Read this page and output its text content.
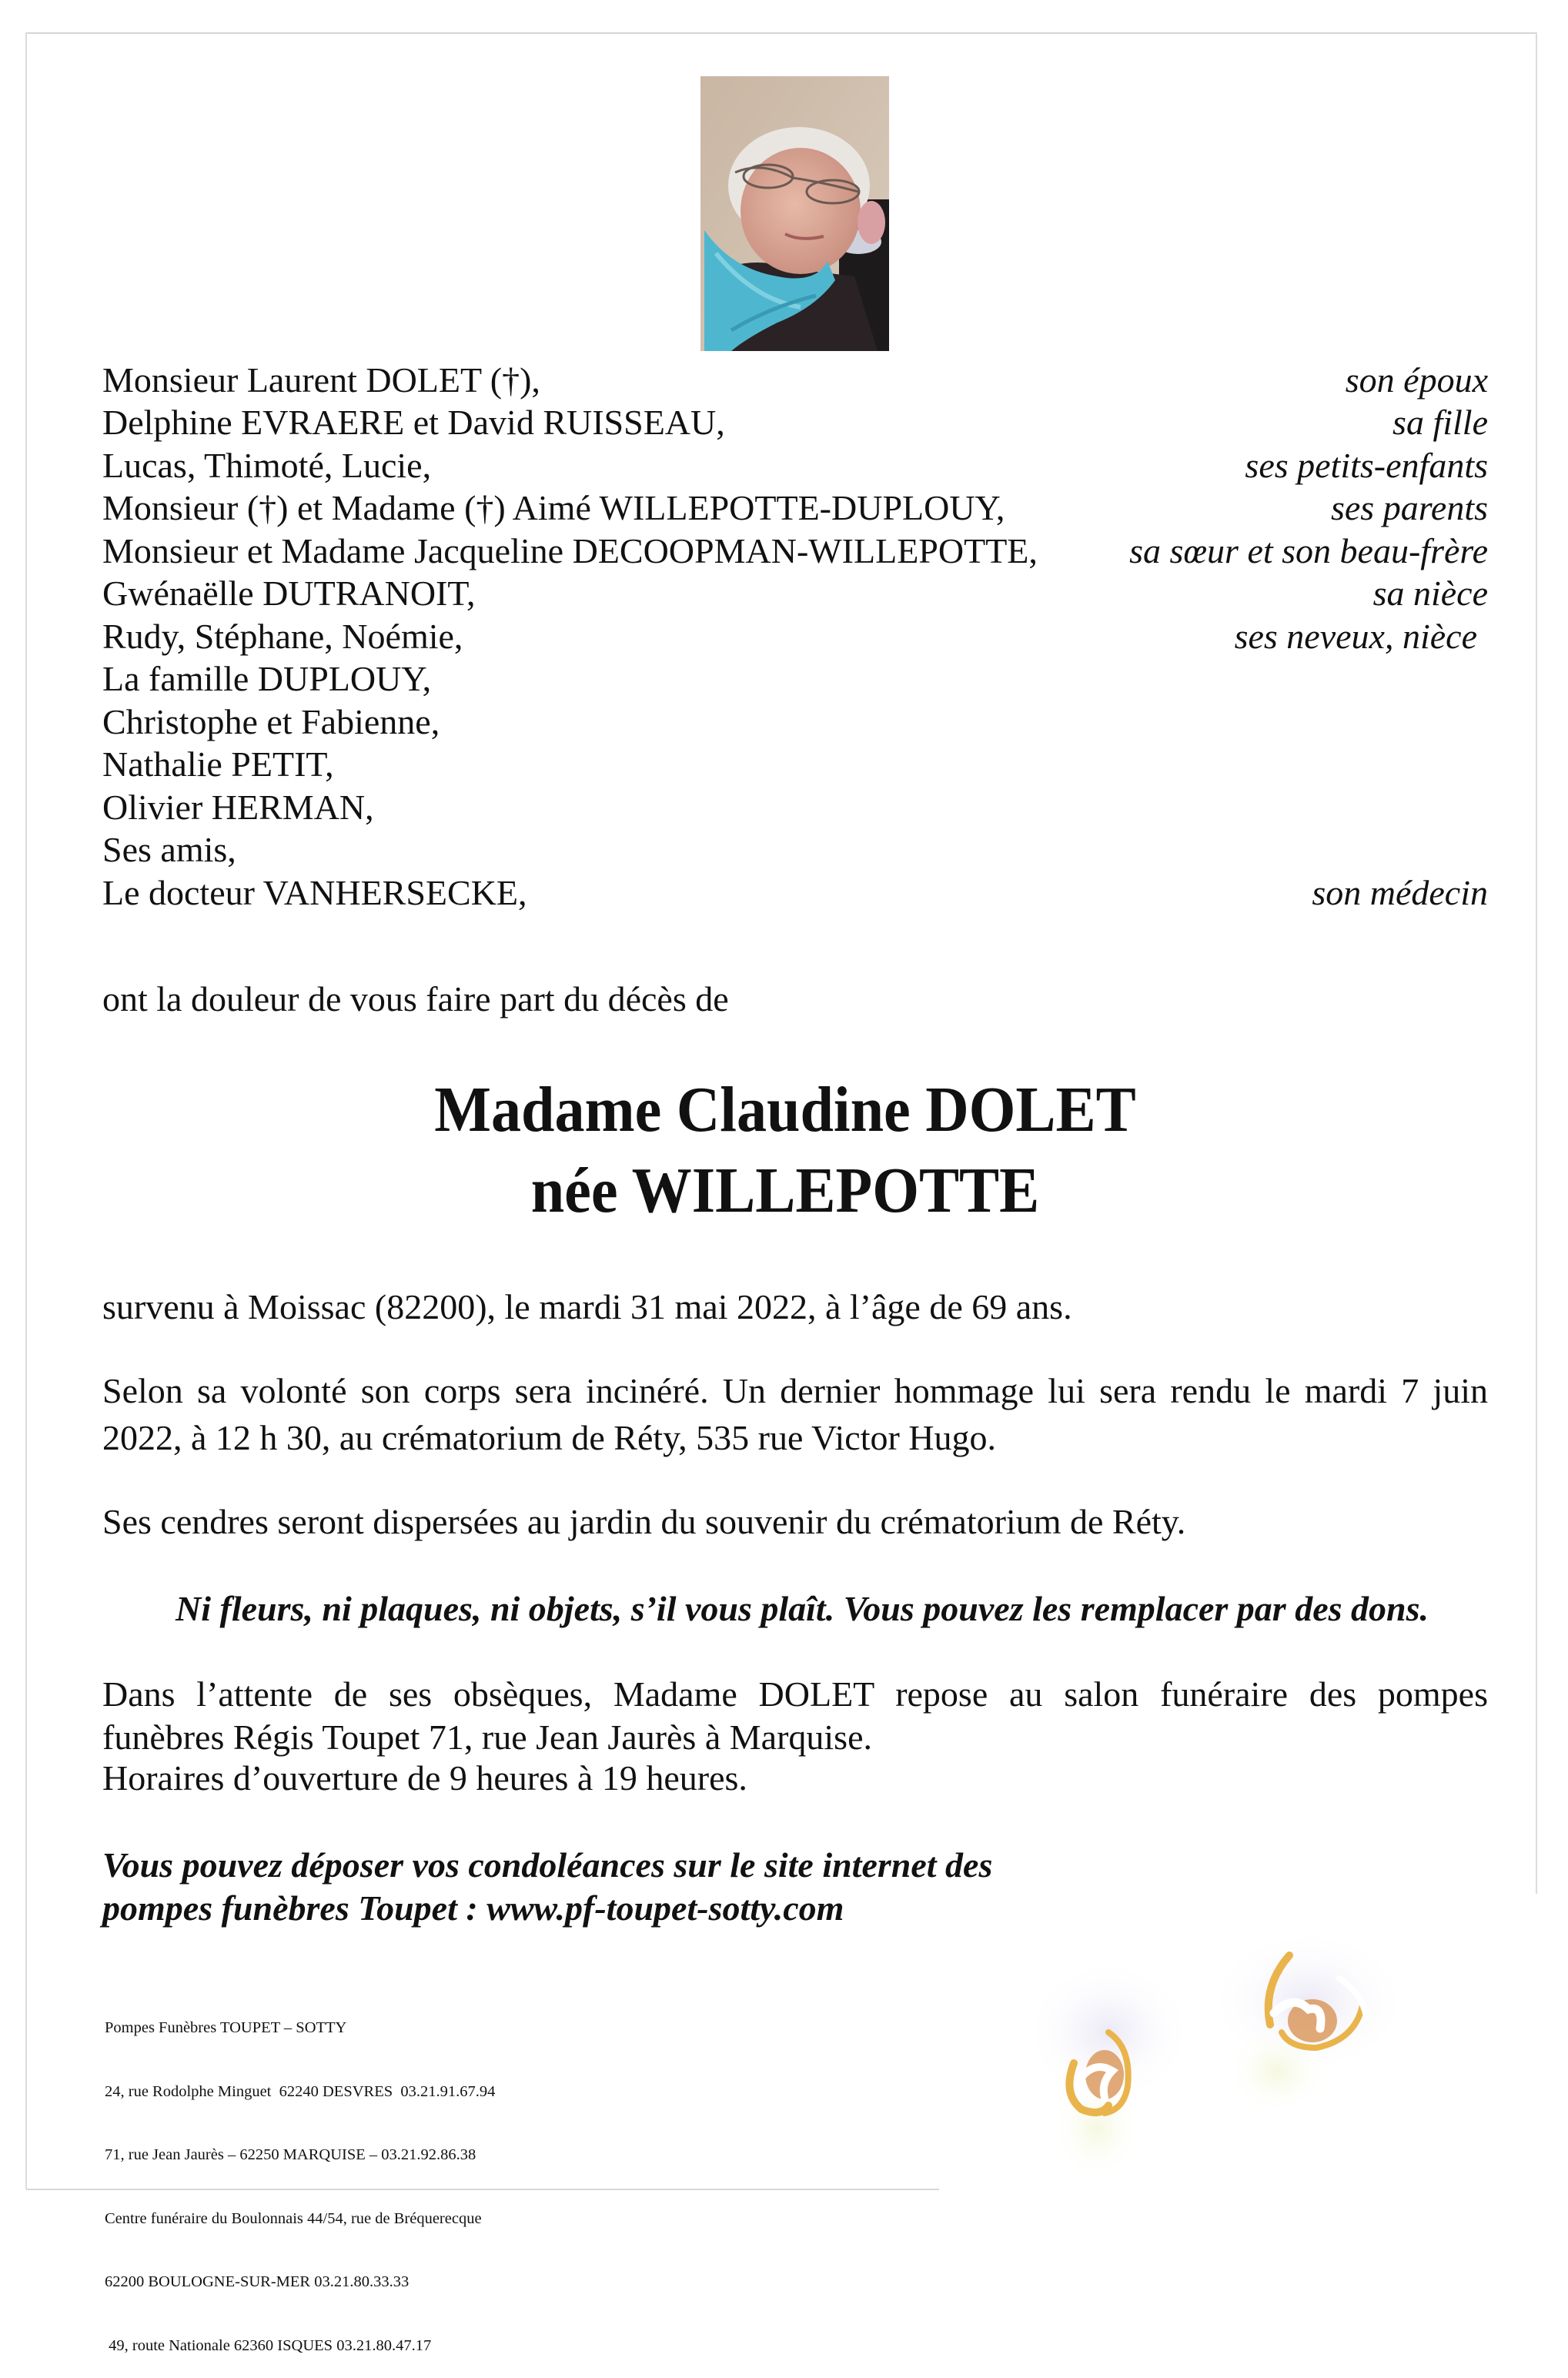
Monsieur Laurent DOLET (†),	son époux
Delphine EVRAERE et David RUISSEAU,	sa fille
Lucas, Thimoté, Lucie,	ses petits-enfants
Monsieur (†) et Madame (†) Aimé WILLEPOTTE-DUPLOUY,	ses parents
Monsieur et Madame Jacqueline DECOOPMAN-WILLEPOTTE,	sa sœur et son beau-frère
Gwénaëlle DUTRANOIT,	sa nièce
Rudy, Stéphane, Noémie,	ses neveux, nièce
La famille DUPLOUY,
Christophe et Fabienne,
Nathalie PETIT,
Olivier HERMAN,
Ses amis,
Le docteur VANHERSECKE,	son médecin
ont la douleur de vous faire part du décès de
Madame Claudine DOLET
née WILLEPOTTE
survenu à Moissac (82200), le mardi 31 mai 2022, à l’âge de 69 ans.
Selon sa volonté son corps sera incinéré. Un dernier hommage lui sera rendu le mardi 7 juin
2022, à 12 h 30, au crématorium de Réty, 535 rue Victor Hugo.
Ses cendres seront dispersées au jardin du souvenir du crématorium de Réty.
Ni fleurs, ni plaques, ni objets, s’il vous plaît. Vous pouvez les remplacer par des dons.
Dans l’attente de ses obsèques, Madame DOLET repose au salon funéraire des pompes
funèbres Régis Toupet 71, rue Jean Jaurès à Marquise.
Horaires d’ouverture de 9 heures à 19 heures.
Vous pouvez déposer vos condoléances sur le site internet des
pompes funèbres Toupet : www.pf-toupet-sotty.com

Pompes Funèbres TOUPET – SOTTY

24, rue Rodolphe Minguet  62240 DESVRES  03.21.91.67.94

71, rue Jean Jaurès – 62250 MARQUISE – 03.21.92.86.38

Centre funéraire du Boulonnais 44/54, rue de Bréquerecque

62200 BOULOGNE-SUR-MER 03.21.80.33.33

49, route Nationale 62360 ISQUES 03.21.80.47.17
